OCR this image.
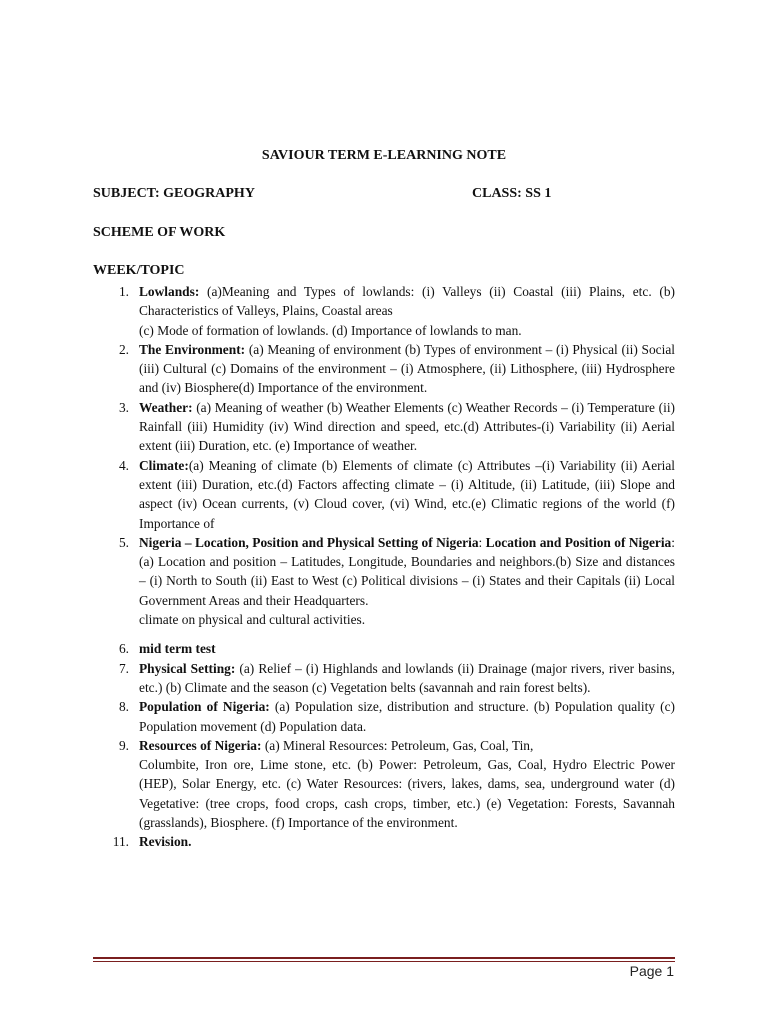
SAVIOUR TERM E-LEARNING NOTE
SUBJECT: GEOGRAPHY	CLASS: SS 1
SCHEME OF WORK
WEEK/TOPIC
1. Lowlands: (a)Meaning and Types of lowlands: (i) Valleys (ii) Coastal (iii) Plains, etc. (b) Characteristics of Valleys, Plains, Coastal areas
(c) Mode of formation of lowlands. (d) Importance of lowlands to man.
2. The Environment: (a) Meaning of environment (b) Types of environment – (i) Physical (ii) Social (iii) Cultural (c) Domains of the environment – (i) Atmosphere, (ii) Lithosphere, (iii) Hydrosphere and (iv) Biosphere(d) Importance of the environment.
3. Weather: (a) Meaning of weather (b) Weather Elements (c) Weather Records – (i) Temperature (ii) Rainfall (iii) Humidity (iv) Wind direction and speed, etc.(d) Attributes-(i) Variability (ii) Aerial extent (iii) Duration, etc. (e) Importance of weather.
4. Climate:(a) Meaning of climate (b) Elements of climate (c) Attributes –(i) Variability (ii) Aerial extent (iii) Duration, etc.(d) Factors affecting climate – (i) Altitude, (ii) Latitude, (iii) Slope and aspect (iv) Ocean currents, (v) Cloud cover, (vi) Wind, etc.(e) Climatic regions of the world (f) Importance of
5. Nigeria – Location, Position and Physical Setting of Nigeria: Location and Position of Nigeria: (a) Location and position – Latitudes, Longitude, Boundaries and neighbors.(b) Size and distances – (i) North to South (ii) East to West (c) Political divisions – (i) States and their Capitals (ii) Local Government Areas and their Headquarters.
climate on physical and cultural activities.
6. mid term test
7. Physical Setting: (a) Relief – (i) Highlands and lowlands (ii) Drainage (major rivers, river basins, etc.) (b) Climate and the season (c) Vegetation belts (savannah and rain forest belts).
8. Population of Nigeria: (a) Population size, distribution and structure. (b) Population quality (c) Population movement (d) Population data.
9. Resources of Nigeria: (a) Mineral Resources: Petroleum, Gas, Coal, Tin,
Columbite, Iron ore, Lime stone, etc. (b) Power: Petroleum, Gas, Coal, Hydro Electric Power (HEP), Solar Energy, etc. (c) Water Resources: (rivers, lakes, dams, sea, underground water (d) Vegetative: (tree crops, food crops, cash crops, timber, etc.) (e) Vegetation: Forests, Savannah (grasslands), Biosphere. (f) Importance of the environment.
11. Revision.
Page 1
